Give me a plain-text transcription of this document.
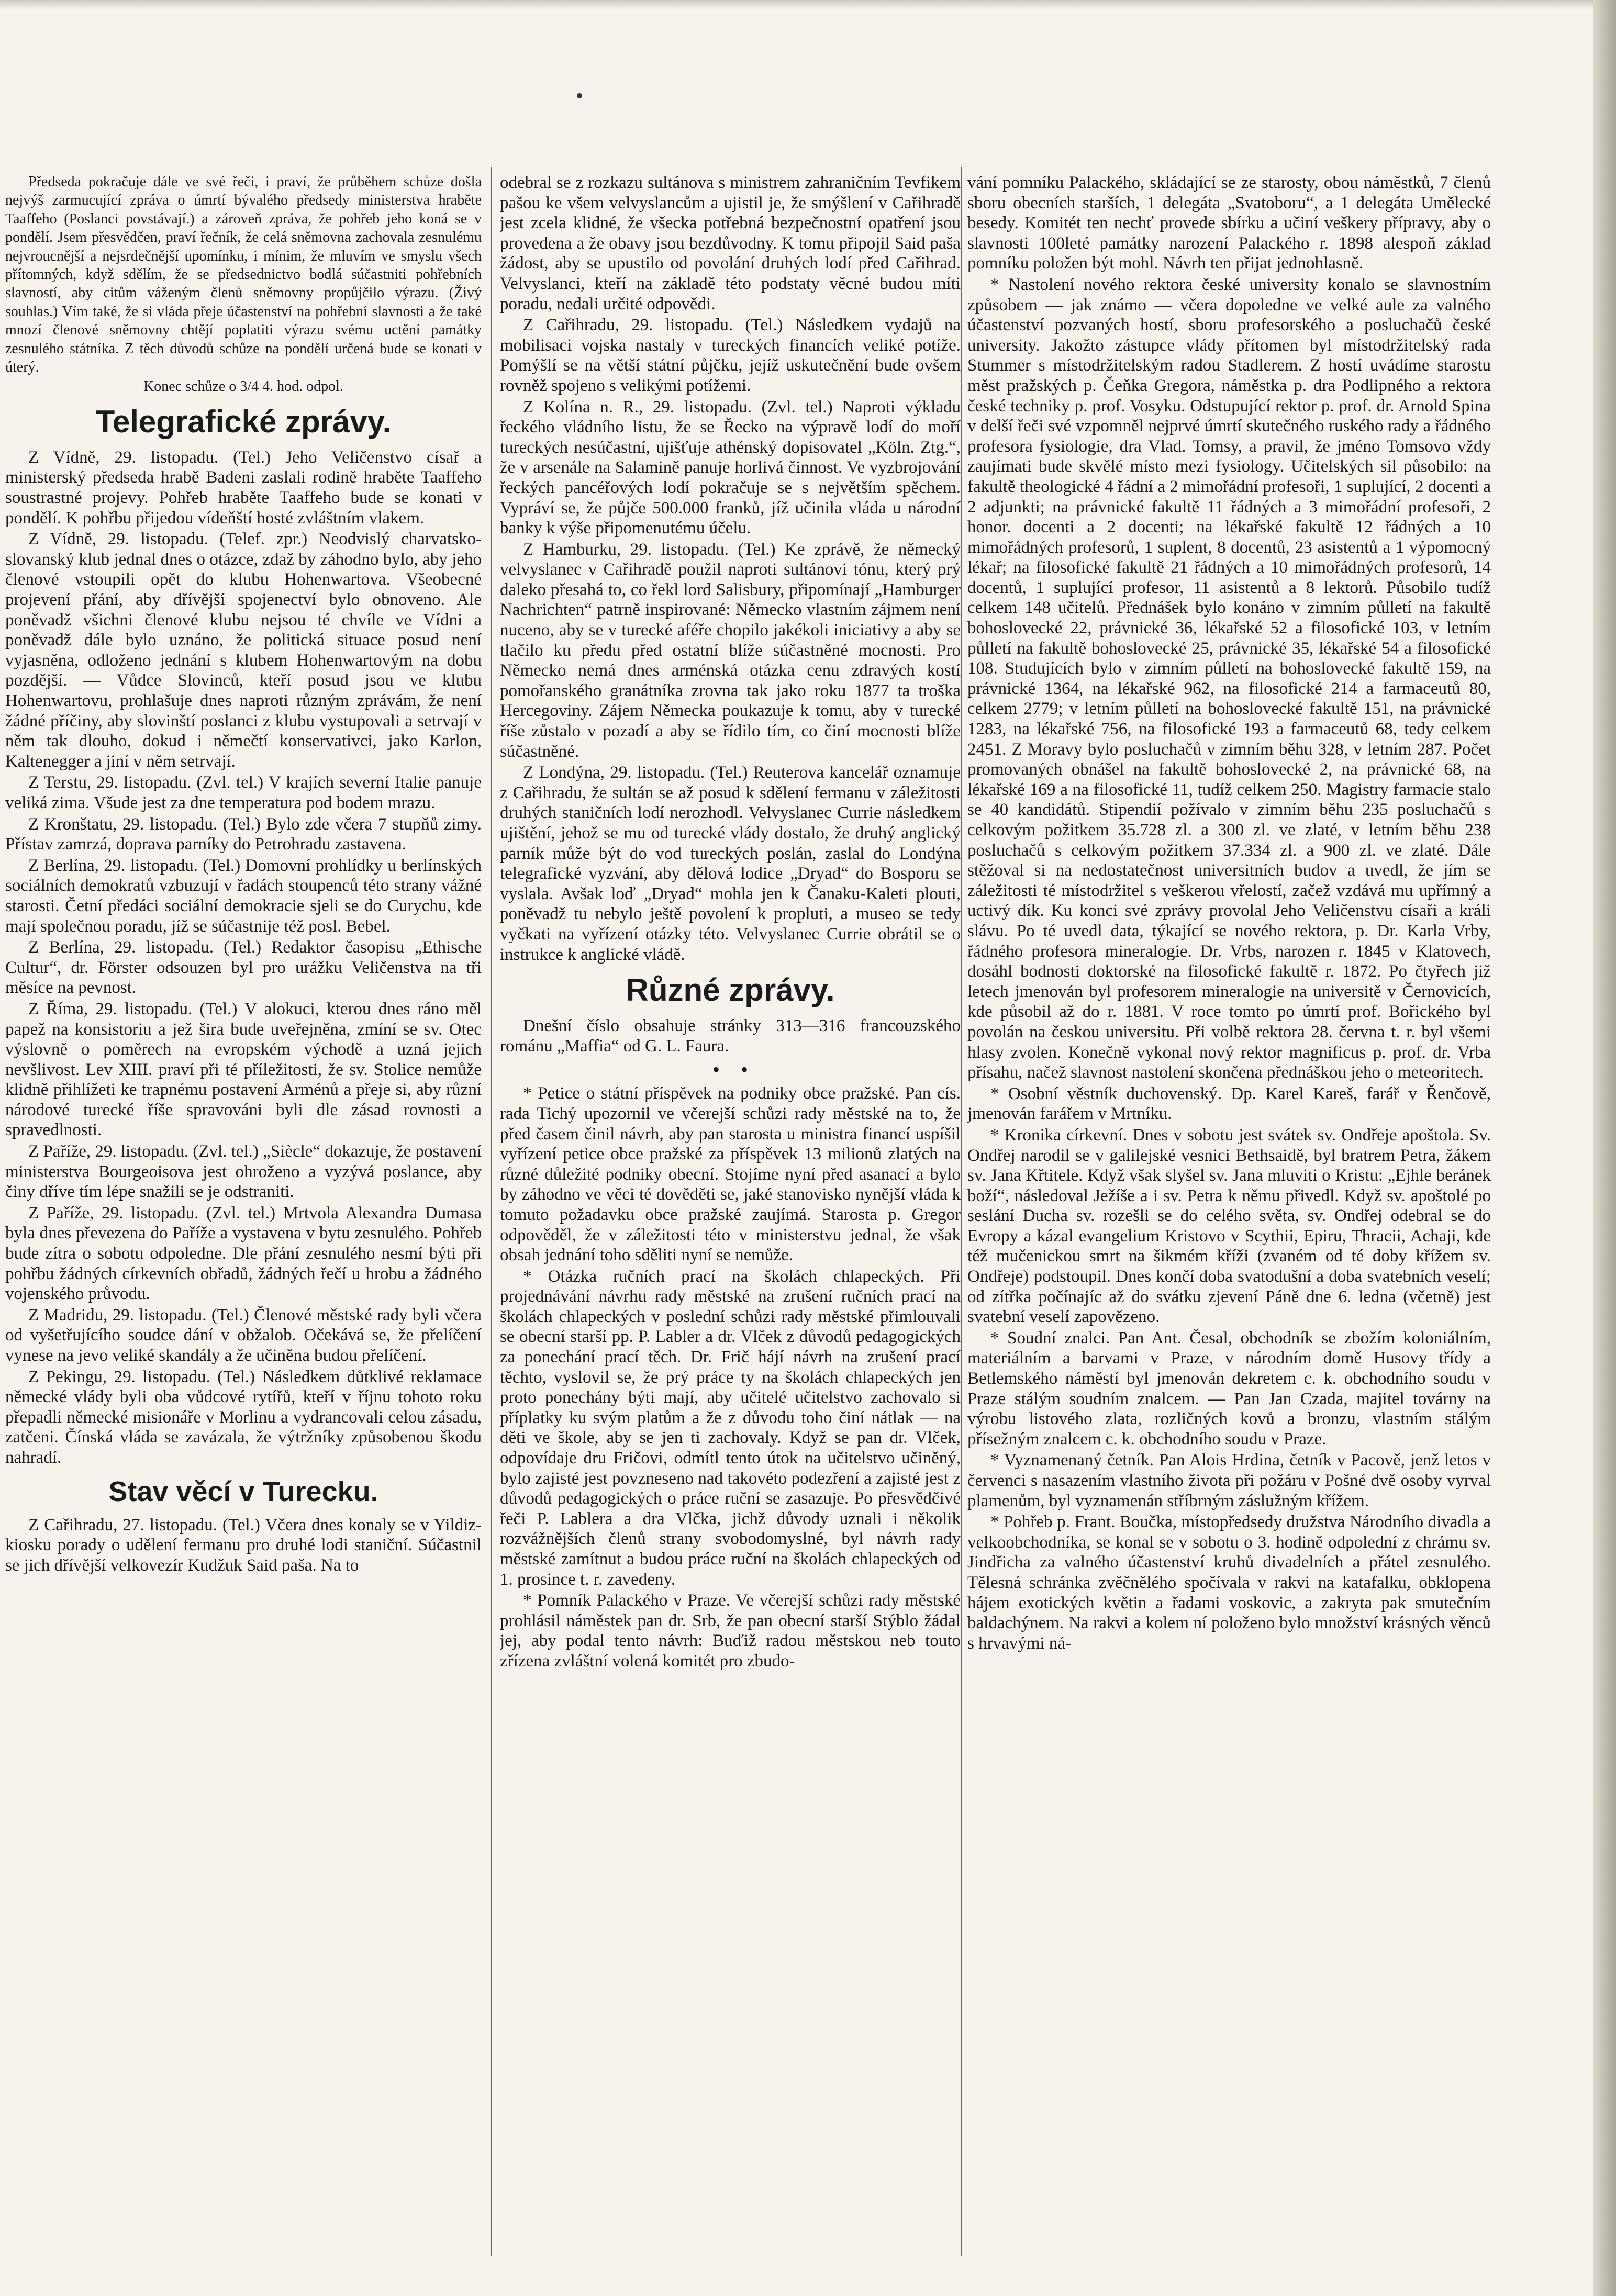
Předseda pokračuje dále ve své řeči, i praví, že průběhem schůze došla nejvýš zarmucující zpráva o úmrtí bývalého předsedy ministerstva hraběte Taaffeho (Poslanci povstávají.) a zároveň zpráva, že pohřeb jeho koná se v pondělí. Jsem přesvědčen, praví řečník, že celá sněmovna zachovala zesnulému nejvroucnější a nejsrdečnější upomínku, i mínim, že mluvím ve smyslu všech přítomných, když sdělím, že se předsednictvo bodlá súčastniti pohřebních slavností, aby citům váženým členů sněmovny propůjčilo výrazu. (Živý souhlas.) Vím také, že si vláda přeje účastenství na pohřební slavnosti a že také mnozí členové sněmovny chtějí poplatiti výrazu svému uctění památky zesnulého státníka. Z těch důvodů schůze na pondělí určená bude se konati v úterý.

Konec schůze o 3/4 4. hod. odpol.

Telegrafické zprávy.

Z Vídně, 29. listopadu. (Tel.) Jeho Veličenstvo císař a ministerský předseda hrabě Badeni zaslali rodině hraběte Taaffeho soustrastné projevy. Pohřeb hraběte Taaffeho bude se konati v pondělí. K pohřbu přijedou vídeňští hosté zvláštním vlakem.

Z Vídně, 29. listopadu. (Telef. zpr.) Neodvislý charvatsko-slovanský klub jednal dnes o otázce, zdaž by záhodno bylo, aby jeho členové vstoupili opět do klubu Hohenwartova. Všeobecné projevení přání, aby dřívější spojenectví bylo obnoveno. Ale poněvadž všichni členové klubu nejsou té chvíle ve Vídni a poněvadž dále bylo uznáno, že politická situace posud není vyjasněna, odloženo jednání s klubem Hohenwartovým na dobu pozdější. — Vůdce Slovinců, kteří posud jsou ve klubu Hohenwartovu, prohlašuje dnes naproti různým zprávám, že není žádné příčiny, aby slovinští poslanci z klubu vystupovali a setrvají v něm tak dlouho, dokud i němečtí konservativci, jako Karlon, Kaltenegger a jiní v něm setrvají.

Z Terstu, 29. listopadu. (Zvl. tel.) V krajích severní Italie panuje veliká zima. Všude jest za dne temperatura pod bodem mrazu.

Z Kronštatu, 29. listopadu. (Tel.) Bylo zde včera 7 stupňů zimy. Přístav zamrzá, doprava parníky do Petrohradu zastavena.

Z Berlína, 29. listopadu. (Tel.) Domovní prohlídky u berlínských sociálních demokratů vzbuzují v řadách stoupenců této strany vážné starosti. Četní předáci sociální demokracie sjeli se do Curychu, kde mají společnou poradu, jíž se súčastnije též posl. Bebel.

Z Berlína, 29. listopadu. (Tel.) Redaktor časopisu „Ethische Cultur“, dr. Förster odsouzen byl pro urážku Veličenstva na tři měsíce na pevnost.

Z Říma, 29. listopadu. (Tel.) V alokuci, kterou dnes ráno měl papež na konsistoriu a jež šira bude uveřejněna, zmíní se sv. Otec výslovně o poměrech na evropském východě a uzná jejich nevšlivost. Lev XIII. praví při té příležitosti, že sv. Stolice nemůže klidně přihlížeti ke trapnému postavení Arménů a přeje si, aby různí národové turecké říše spravováni byli dle zásad rovnosti a spravedlnosti.

Z Paříže, 29. listopadu. (Zvl. tel.) „Siècle“ dokazuje, že postavení ministerstva Bourgeoisova jest ohroženo a vyzývá poslance, aby činy dříve tím lépe snažili se je odstraniti.

Z Paříže, 29. listopadu. (Zvl. tel.) Mrtvola Alexandra Dumasa byla dnes převezena do Paříže a vystavena v bytu zesnulého. Pohřeb bude zítra o sobotu odpoledne. Dle přání zesnulého nesmí býti při pohřbu žádných církevních obřadů, žádných řečí u hrobu a žádného vojenského průvodu.

Z Madridu, 29. listopadu. (Tel.) Členové městské rady byli včera od vyšetřujícího soudce dání v obžalob. Očekává se, že přelíčení vynese na jevo veliké skandály a že učiněna budou přelíčení.

Z Pekingu, 29. listopadu. (Tel.) Následkem důtklivé reklamace německé vlády byli oba vůdcové rytířů, kteří v říjnu tohoto roku přepadli německé misionáře v Morlinu a vydrancovali celou zásadu, zatčeni. Čínská vláda se zavázala, že výtržníky způsobenou škodu nahradí.

Stav věcí v Turecku.

Z Cařihradu, 27. listopadu. (Tel.) Včera dnes konaly se v Yildiz-kiosku porady o udělení fermanu pro druhé lodi staniční. Súčastnil se jich dřívější velkovezír Kudžuk Said paša. Na to

odebral se z rozkazu sultánova s ministrem zahraničním Tevfikem pašou ke všem velvyslancům a ujistil je, že smýšlení v Cařihradě jest zcela klidné, že všecka potřebná bezpečnostní opatření jsou provedena a že obavy jsou bezdůvodny. K tomu připojil Said paša žádost, aby se upustilo od povolání druhých lodí před Cařihrad. Velvyslanci, kteří na základě této podstaty věcné budou míti poradu, nedali určité odpovědi.

Z Cařihradu, 29. listopadu. (Tel.) Následkem vydajů na mobilisaci vojska nastaly v tureckých financích veliké potíže. Pomýšlí se na větší státní půjčku, jejíž uskutečnění bude ovšem rovněž spojeno s velikými potížemi.

Z Kolína n. R., 29. listopadu. (Zvl. tel.) Naproti výkladu řeckého vládního listu, že se Řecko na výpravě lodí do moří tureckých nesúčastní, ujišťuje athénský dopisovatel „Köln. Ztg.“, že v arsenále na Salamině panuje horlivá činnost. Ve vyzbrojování řeckých pancéřových lodí pokračuje se s největším spěchem. Vypráví se, že půjče 500.000 franků, jíž učinila vláda u národní banky k výše připomenutému účelu.

Z Hamburku, 29. listopadu. (Tel.) Ke zprávě, že německý velvyslanec v Cařihradě použil naproti sultánovi tónu, který prý daleko přesahá to, co řekl lord Salisbury, připomínají „Hamburger Nachrichten“ patrně inspirované: Německo vlastním zájmem není nuceno, aby se v turecké aféře chopilo jakékoli iniciativy a aby se tlačilo ku předu před ostatní blíže súčastněné mocnosti. Pro Německo nemá dnes arménská otázka cenu zdravých kostí pomořanského granátníka zrovna tak jako roku 1877 ta troška Hercegoviny. Zájem Německa poukazuje k tomu, aby v turecké říše zůstalo v pozadí a aby se řídilo tím, co činí mocnosti blíže súčastněné.

Z Londýna, 29. listopadu. (Tel.) Reuterova kancelář oznamuje z Cařihradu, že sultán se až posud k sdělení fermanu v záležitosti druhých staničních lodí nerozhodl. Velvyslanec Currie následkem ujištění, jehož se mu od turecké vlády dostalo, že druhý anglický parník může být do vod tureckých poslán, zaslal do Londýna telegrafické vyzvání, aby dělová lodice „Dryad“ do Bosporu se vyslala. Avšak loď „Dryad“ mohla jen k Čanaku-Kaleti plouti, poněvadž tu nebylo ještě povolení k propluti, a museo se tedy vyčkati na vyřízení otázky této. Velvyslanec Currie obrátil se o instrukce k anglické vládě.

Různé zprávy.

Dnešní číslo obsahuje stránky 313—316 francouzského románu „Maffia“ od G. L. Faura.

•    •

* Petice o státní příspěvek na podniky obce pražské. Pan cís. rada Tichý upozornil ve včerejší schůzi rady městské na to, že před časem činil návrh, aby pan starosta u ministra financí uspíšil vyřízení petice obce pražské za příspěvek 13 milionů zlatých na různé důležité podniky obecní. Stojíme nyní před asanací a bylo by záhodno ve věci té dověděti se, jaké stanovisko nynější vláda k tomuto požadavku obce pražské zaujímá. Starosta p. Gregor odpověděl, že v záležitosti této v ministerstvu jednal, že však obsah jednání toho sděliti nyní se nemůže.

* Otázka ručních prací na školách chlapeckých. Při projednávání návrhu rady městské na zrušení ručních prací na školách chlapeckých v poslední schůzi rady městské přimlouvali se obecní starší pp. P. Labler a dr. Vlček z důvodů pedagogických za ponechání prací těch. Dr. Frič hájí návrh na zrušení prací těchto, vyslovil se, že prý práce ty na školách chlapeckých jen proto ponechány býti mají, aby učitelé učitelstvo zachovalo si příplatky ku svým platům a že z důvodu toho činí nátlak — na děti ve škole, aby se jen ti zachovaly. Když se pan dr. Vlček, odpovídaje dru Fričovi, odmítl tento útok na učitelstvo učiněný, bylo zajisté jest povzneseno nad takovéto podezření a zajisté jest z důvodů pedagogických o práce ruční se zasazuje. Po přesvědčivé řeči P. Lablera a dra Vlčka, jichž důvody uznali i několik rozvážnějších členů strany svobodomyslné, byl návrh rady městské zamítnut a budou práce ruční na školách chlapeckých od 1. prosince t. r. zavedeny.

* Pomník Palackého v Praze. Ve včerejší schůzi rady městské prohlásil náměstek pan dr. Srb, že pan obecní starší Stýblo žádal jej, aby podal tento návrh: Buďiž radou městskou neb touto zřízena zvláštní volená komitét pro zbudo-

vání pomníku Palackého, skládající se ze starosty, obou náměstků, 7 členů sboru obecních starších, 1 delegáta „Svatoboru“, a 1 delegáta Umělecké besedy. Komitét ten nechť provede sbírku a učiní veškery přípravy, aby o slavnosti 100leté památky narození Palackého r. 1898 alespoň základ pomníku položen být mohl. Návrh ten přijat jednohlasně.

* Nastolení nového rektora české university konalo se slavnostním způsobem — jak známo — včera dopoledne ve velké aule za valného účastenství pozvaných hostí, sboru profesorského a posluchačů české university. Jakožto zástupce vlády přítomen byl místodržitelský rada Stummer s místodržitelským radou Stadlerem. Z hostí uvádíme starostu měst pražských p. Čeňka Gregora, náměstka p. dra Podlipného a rektora české techniky p. prof. Vosyku. Odstupující rektor p. prof. dr. Arnold Spina v delší řeči své vzpomněl nejprvé úmrtí skutečného ruského rady a řádného profesora fysiologie, dra Vlad. Tomsy, a pravil, že jméno Tomsovo vždy zaujímati bude skvělé místo mezi fysiology. Učitelských sil působilo: na fakultě theologické 4 řádní a 2 mimořádní profesoři, 1 suplující, 2 docenti a 2 adjunkti; na právnické fakultě 11 řádných a 3 mimořádní profesoři, 2 honor. docenti a 2 docenti; na lékařské fakultě 12 řádných a 10 mimořádných profesorů, 1 suplent, 8 docentů, 23 asistentů a 1 výpomocný lékař; na filosofické fakultě 21 řádných a 10 mimořádných profesorů, 14 docentů, 1 suplující profesor, 11 asistentů a 8 lektorů. Působilo tudíž celkem 148 učitelů. Přednášek bylo konáno v zimním půlletí na fakultě bohoslovecké 22, právnické 36, lékařské 52 a filosofické 103, v letním půlletí na fakultě bohoslovecké 25, právnické 35, lékařské 54 a filosofické 108. Studujících bylo v zimním půlletí na bohoslovecké fakultě 159, na právnické 1364, na lékařské 962, na filosofické 214 a farmaceutů 80, celkem 2779; v letním půlletí na bohoslovecké fakultě 151, na právnické 1283, na lékařské 756, na filosofické 193 a farmaceutů 68, tedy celkem 2451. Z Moravy bylo posluchačů v zimním běhu 328, v letním 287. Počet promovaných obnášel na fakultě bohoslovecké 2, na právnické 68, na lékařské 169 a na filosofické 11, tudíž celkem 250. Magistry farmacie stalo se 40 kandidátů. Stipendií požívalo v zimním běhu 235 posluchačů s celkovým požitkem 35.728 zl. a 300 zl. ve zlaté, v letním běhu 238 posluchačů s celkovým požitkem 37.334 zl. a 900 zl. ve zlaté. Dále stěžoval si na nedostatečnost universitních budov a uvedl, že jím se záležitosti té místodržitel s veškerou vřelostí, začež vzdává mu upřímný a uctivý dík. Ku konci své zprávy provolal Jeho Veličenstvu císaři a králi slávu. Po té uvedl data, týkající se nového rektora, p. Dr. Karla Vrby, řádného profesora mineralogie. Dr. Vrbs, narozen r. 1845 v Klatovech, dosáhl bodnosti doktorské na filosofické fakultě r. 1872. Po čtyřech již letech jmenován byl profesorem mineralogie na universitě v Černovicích, kde působil až do r. 1881. V roce tomto po úmrtí prof. Bořického byl povolán na českou universitu. Při volbě rektora 28. června t. r. byl všemi hlasy zvolen. Konečně vykonal nový rektor magnificus p. prof. dr. Vrba přísahu, načež slavnost nastolení skončena přednáškou jeho o meteoritech.

* Osobní věstník duchovenský. Dp. Karel Kareš, farář v Řenčově, jmenován farářem v Mrtníku.

* Kronika církevní. Dnes v sobotu jest svátek sv. Ondřeje apoštola. Sv. Ondřej narodil se v galilejské vesnici Bethsaidě, byl bratrem Petra, žákem sv. Jana Křtitele. Když však slyšel sv. Jana mluviti o Kristu: „Ejhle beránek boží“, následoval Ježíše a i sv. Petra k němu přivedl. Když sv. apoštolé po seslání Ducha sv. rozešli se do celého světa, sv. Ondřej odebral se do Evropy a kázal evangelium Kristovo v Scythii, Epiru, Thracii, Achaji, kde též mučenickou smrt na šikmém kříži (zvaném od té doby křížem sv. Ondřeje) podstoupil. Dnes končí doba svatodušní a doba svatebních veselí; od zítřka počínajíc až do svátku zjevení Páně dne 6. ledna (včetně) jest svatební veselí zapovězeno.

* Soudní znalci. Pan Ant. Česal, obchodník se zbožím koloniálním, materiálním a barvami v Praze, v národním domě Husovy třídy a Betlemského náměstí byl jmenován dekretem c. k. obchodního soudu v Praze stálým soudním znalcem. — Pan Jan Czada, majitel továrny na výrobu listového zlata, rozličných kovů a bronzu, vlastním stálým přísežným znalcem c. k. obchodního soudu v Praze.

* Vyznamenaný četník. Pan Alois Hrdina, četník v Pacově, jenž letos v červenci s nasazením vlastního života při požáru v Pošné dvě osoby vyrval plamenům, byl vyznamenán stříbrným záslužným křížem.

* Pohřeb p. Frant. Boučka, místopředsedy družstva Národního divadla a velkoobchodníka, se konal se v sobotu o 3. hodině odpolední z chrámu sv. Jindřicha za valného účastenství kruhů divadelních a přátel zesnulého. Tělesná schránka zvěčnělého spočívala v rakvi na katafalku, obklopena hájem exotických květin a řadami voskovic, a zakryta pak smutečním baldachýnem. Na rakvi a kolem ní položeno bylo množství krásných věnců s hrvavými ná-
